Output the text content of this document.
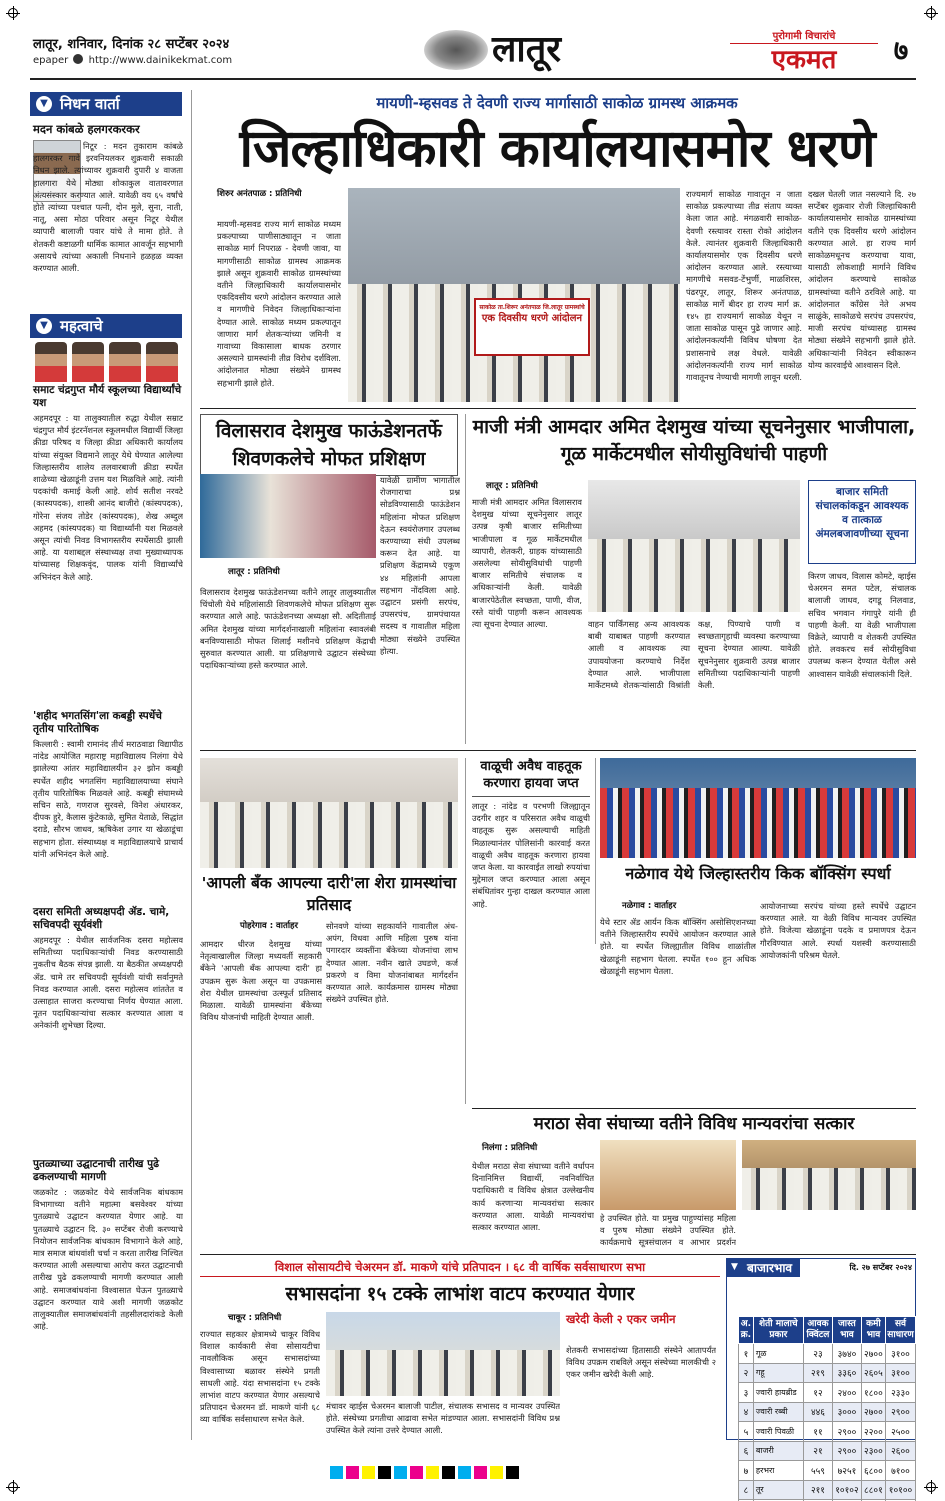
लातूर, शनिवार, दिनांक २८ सप्टेंबर २०२४
epaper http://www.dainikekmat.com	लातूर	पुरोगामी विचारांचे
एकमत	७
▼ निधन वार्ता
मदन कांबळे हलगरकरकर
निटूर : मदन तुकाराम कांबळे हालगरकर गावे इरवनियलकर शुक्रवारी सकाळी निधन झाले. त्यांच्यावर शुक्रवारी दुपारी ४ वाजता हालगारा येथे मोठ्या शोकाकुल वातावरणात अंत्यसंस्कार करण्यात आले. यावेळी वय ६५ वर्षांचे होते त्यांच्या पश्चात पत्नी, दोन मुले, सुना, नाती, नातू, असा मोठा परिवार असून निटूर येथील व्यापारी बालाजी पवार यांचे ते मामा होते. ते शेतकरी कष्टाळगी धार्मिक कामात आवर्जून सहभागी असायचे त्यांच्या अकाली निधनाने हळहळ व्यक्त करण्यात आली.
▼ महत्वाचे
समाट चंद्रगुप्त मौर्य स्कूलच्या विद्यार्थ्यांचे यश
अहमदपूर : या तालुक्यातील रुद्धा येथील सम्राट चंद्रगुप्त मौर्य इंटरनॅशनल स्कूलमधील विद्यार्थी जिल्हा क्रीडा परिषद व जिल्हा क्रीडा अधिकारी कार्यालय यांच्या संयुक्त विद्यमाने लातूर येथे घेण्यात आलेल्या जिल्हास्तरीय शालेय तलवारबाजी क्रीडा स्पर्धेत शाळेच्या खेळाडूंनी उत्तम यश मिळविले आहे. त्यांनी पदकांची कमाई केली आहे. शोर्य सतीश नरवटे (कास्यपदक), शास्त्री आनंद बाजीरो (कांस्यपदक), गोरेना संजय तोडेर (कांस्यपदक), शेख अब्दुल अहमद (कांस्यपदक) या विद्यार्थ्यांनी यश मिळवले असून त्यांची निवड विभागस्तरीय स्पर्धेसाठी झाली आहे. या यशाबद्दल संस्थाध्यक्ष तथा मुख्याध्यापक यांच्यासह शिक्षकवृंद, पालक यांनी विद्यार्थ्यांचे अभिनंदन केले आहे.
'शहीद भगतसिंग'ला कबड्डी स्पर्धेचे तृतीय पारितोषिक
किल्लारी : स्वामी रामानंद तीर्थ मराठवाडा विद्यापीठ नांदेड आयोजित महाराष्ट्र महाविद्यालय निलंगा येथे झालेल्या आंतर महाविद्यालयीन ३२ झोन कबड्डी स्पर्धेत शहीद भगतसिंग महाविद्यालयाच्या संघाने तृतीय पारितोषिक मिळवले आहे. कबड्डी संघामध्ये सचिन साठे, गणराज सुरवसे, विनेश अंधारकर, दीपक हुरे, कैलास कुंटेकाळे, सुमित येताळे, सिद्धांत दराडे, सौरभ जाधव, ऋषिकेश उगार या खेळाडूंचा सहभाग होता. संस्थाध्यक्ष व महाविद्यालयाचे प्राचार्य यांनी अभिनंदन केले आहे.
दसरा समिती अध्यक्षपदी ॲड. चामे, सचिवपदी सूर्यवंशी
अहमदपूर : येथील सार्वजनिक दसरा महोत्सव समितीच्या पदाधिकाऱ्यांची निवड करण्यासाठी नुकतीच बैठक संपन्न झाली. या बैठकीत अध्यक्षपदी ॲड. चामे तर सचिवपदी सूर्यवंशी यांची सर्वानुमते निवड करण्यात आली. दसरा महोत्सव शांततेत व उत्साहात साजरा करण्याचा निर्णय घेण्यात आला. नूतन पदाधिकाऱ्यांचा सत्कार करण्यात आला व अनेकांनी शुभेच्छा दिल्या.
पुतळ्याच्या उद्घाटनाची तारीख पुढे ढकलण्याची मागणी
जळकोट : जळकोट येथे सार्वजनिक बांधकाम विभागाच्या वतीने महात्मा बसवेश्वर यांच्या पुतळ्याचे उद्घाटन करण्यात येणार आहे. या पुतळ्याचे उद्घाटन दि. ३० सप्टेंबर रोजी करण्याचे नियोजन सार्वजनिक बांधकाम विभागाने केले आहे, मात्र समाज बांधवांशी चर्चा न करता तारीख निश्चित करण्यात आली असल्याचा आरोप करत उद्घाटनाची तारीख पुढे ढकलण्याची मागणी करण्यात आली आहे. समाजबांधवांना विश्वासात घेऊन पुतळ्याचे उद्घाटन करण्यात यावे अशी मागणी जळकोट तालुक्यातील समाजबांधवांनी तहसीलदारांकडे केली आहे.
मायणी-म्हसवड ते देवणी राज्य मार्गासाठी साकोळ ग्रामस्थ आक्रमक
जिल्हाधिकारी कार्यालयासमोर धरणे
शिरुर अनंतपाळ : प्रतिनिधी
मायणी-म्हसवड राज्य मार्ग साकोळ मध्यम प्रकल्पाच्या पाणीसाठ्यातून न जाता साकोळ मार्ग निपराळ - देवणी जावा, या मागणीसाठी साकोळ ग्रामस्थ आक्रमक झाले असून शुक्रवारी साकोळ ग्रामस्थांच्या वतीने जिल्हाधिकारी कार्यालयासमोर एकदिवसीय धरणे आंदोलन करण्यात आले व मागणीचे निवेदन जिल्हाधिकाऱ्यांना देण्यात आले. साकोळ मध्यम प्रकल्पातून जाणारा मार्ग शेतकऱ्यांच्या जमिनी व गावाच्या विकासाला बाधक ठरणार असल्याने ग्रामस्थांनी तीव्र विरोध दर्शविला. आंदोलनात मोठ्या संख्येने ग्रामस्थ सहभागी झाले होते.
साकोळ ता.शिरूर अनंतपाळ जि.लातूर ग्रामस्थांचे
एक दिवसीय धरणे आंदोलन
राज्यमार्ग साकोळ गावातून न जाता साकोळ प्रकल्पाच्या तीव्र संताप व्यक्त केला जात आहे. मंगळवारी साकोळ-देवणी रस्त्यावर रास्ता रोको आंदोलन केले. त्यानंतर शुक्रवारी जिल्हाधिकारी कार्यालयासमोर एक दिवसीय धरणे आंदोलन करण्यात आले. रस्त्याच्या मागणीचे मसवड-टेंभुर्णी, माळशिरस, पंढरपूर, लातूर, शिरूर अनंतपाळ, साकोळ मार्गे बीदर हा राज्य मार्ग क्र. १४५ हा राज्यमार्ग साकोळ येथून न जाता साकोळ पासून पुढे जाणार आहे. आंदोलनकर्त्यांनी विविध घोषणा देत प्रशासनाचे लक्ष वेधले. यावेळी आंदोलनकर्त्यांनी राज्य मार्ग साकोळ गावातूनच नेण्याची मागणी लावून धरली.
दखल घेतली जात नसल्याने दि. २७ सप्टेंबर शुक्रवार रोजी जिल्हाधिकारी कार्यालयासमोर साकोळ ग्रामस्थांच्या वतीने एक दिवसीय धरणे आंदोलन करण्यात आले. हा राज्य मार्ग साकोळमधूनच करण्याचा यावा, यासाठी लोकशाही मार्गाने विविध आंदोलन करण्याचे साकोळ ग्रामस्थांच्या वतीने ठरविले आहे. या आंदोलनात काँग्रेस नेते अभय साळुंके, साकोळचे सरपंच उपसरपंच, माजी सरपंच यांच्यासह ग्रामस्थ मोठ्या संख्येने सहभागी झाले होते. अधिकाऱ्यांनी निवेदन स्वीकारून योग्य कारवाईचे आश्वासन दिले.
विलासराव देशमुख फाऊंडेशनतर्फे शिवणकलेचे मोफत प्रशिक्षण
यावेळी ग्रामीण भागातील रोजगाराचा प्रश्न सोडविण्यासाठी फाऊंडेशन महिलांना मोफत प्रशिक्षण देऊन स्वयंरोजगार उपलब्ध करण्याच्या संधी उपलब्ध करून देत आहे. या प्रशिक्षण केंद्रामध्ये एकूण ४४ महिलांनी आपला सहभाग नोंदविला आहे. उद्घाटन प्रसंगी सरपंच, उपसरपंच, ग्रामपंचायत सदस्य व गावातील महिला मोठ्या संख्येने उपस्थित होत्या.
लातूर : प्रतिनिधी
विलासराव देशमुख फाऊंडेशनच्या वतीने लातूर तालुक्यातील चिंचोली येथे महिलांसाठी शिवणकलेचे मोफत प्रशिक्षण सुरू करण्यात आले आहे. फाऊंडेशनच्या अध्यक्षा सौ. अदितीताई अमित देशमुख यांच्या मार्गदर्शनाखाली महिलांना स्वावलंबी बनविण्यासाठी मोफत शिलाई मशीनचे प्रशिक्षण केंद्राची सुरुवात करण्यात आली. या प्रशिक्षणाचे उद्घाटन संस्थेच्या पदाधिकाऱ्यांच्या हस्ते करण्यात आले.
माजी मंत्री आमदार अमित देशमुख यांच्या सूचनेनुसार भाजीपाला, गूळ मार्केटमधील सोयीसुविधांची पाहणी
लातूर : प्रतिनिधी
माजी मंत्री आमदार अमित विलासराव देशमुख यांच्या सूचनेनुसार लातूर उत्पन्न कृषी बाजार समितीच्या भाजीपाला व गूळ मार्केटमधील व्यापारी, शेतकरी, ग्राहक यांच्यासाठी असलेल्या सोयीसुविधांची पाहणी बाजार समितीचे संचालक व अधिकाऱ्यांनी केली. यावेळी बाजारपेठेतील स्वच्छता, पाणी, वीज, रस्ते यांची पाहणी करून आवश्यक त्या सूचना देण्यात आल्या.
बाजार समिती संचालकांकडून आवश्यक व तात्काळ अंमलबजावणीच्या सूचना
किरण जाधव, विलास कोमटे, व्हाईस चेअरमन समत पटेल, संचालक बालाजी जाधव, दगडू निलवाड, सचिव भगवान गंगापुरे यांनी ही पाहणी केली. या वेळी भाजीपाला विक्रेते, व्यापारी व शेतकरी उपस्थित होते. लवकरच सर्व सोयीसुविधा उपलब्ध करून देण्यात येतील असे आश्वासन यावेळी संचालकांनी दिले.
वाहन पार्किंगसह अन्य आवश्यक बाबी याबाबत पाहणी करण्यात आली व आवश्यक त्या उपाययोजना करण्याचे निर्देश देण्यात आले. भाजीपाला मार्केटमध्ये शेतकऱ्यांसाठी विश्रांती कक्ष, पिण्याचे पाणी व स्वच्छतागृहाची व्यवस्था करण्याच्या सूचना देण्यात आल्या. यावेळी सूचनेनुसार शुक्रवारी उत्पन्न बाजार समितीच्या पदाधिकाऱ्यांनी पाहणी केली.
'आपली बँक आपल्या दारी'ला शेरा ग्रामस्थांचा प्रतिसाद
पोहरेगाव : वार्ताहर
आमदार धीरज देशमुख यांच्या नेतृत्वाखालील जिल्हा मध्यवर्ती सहकारी बँकेने 'आपली बँक आपल्या दारी' हा उपक्रम सुरू केला असून या उपक्रमास शेरा येथील ग्रामस्थांचा उत्स्फूर्त प्रतिसाद मिळाला. यावेळी ग्रामस्थांना बँकेच्या विविध योजनांची माहिती देण्यात आली.
सोनवणे यांच्या सहकार्याने गावातील अंध-अपंग, विधवा आणि महिला पुरुष यांना पगारदार व्यक्तींना बँकेच्या योजनांचा लाभ देण्यात आला. नवीन खाते उघडणे, कर्ज प्रकरणे व विमा योजनांबाबत मार्गदर्शन करण्यात आले. कार्यक्रमास ग्रामस्थ मोठ्या संख्येने उपस्थित होते.
वाळूची अवैध वाहतूक करणारा हायवा जप्त
लातूर : नांदेड व परभणी जिल्ह्यातून उदगीर शहर व परिसरात अवैध वाळूची वाहतूक सुरू असल्याची माहिती मिळाल्यानंतर पोलिसांनी कारवाई करत वाळूची अवैध वाहतूक करणारा हायवा जप्त केला. या कारवाईत लाखो रुपयांचा मुद्देमाल जप्त करण्यात आला असून संबंधितांवर गुन्हा दाखल करण्यात आला आहे.
नळेगाव येथे जिल्हास्तरीय किक बॉक्सिंग स्पर्धा
नळेगाव : वार्ताहर
येथे स्टार ॲड आर्यन किक बॉक्सिंग असोसिएशनच्या वतीने जिल्हास्तरीय स्पर्धेचे आयोजन करण्यात आले होते. या स्पर्धेत जिल्ह्यातील विविध शाळांतील खेळाडूंनी सहभाग घेतला. स्पर्धेत १०० हून अधिक खेळाडूंनी सहभाग घेतला.
आयोजनाच्या सरपंच यांच्या हस्ते स्पर्धेचे उद्घाटन करण्यात आले. या वेळी विविध मान्यवर उपस्थित होते. विजेत्या खेळाडूंना पदके व प्रमाणपत्र देऊन गौरविण्यात आले. स्पर्धा यशस्वी करण्यासाठी आयोजकांनी परिश्रम घेतले.
मराठा सेवा संघाच्या वतीने विविध मान्यवरांचा सत्कार
निलंगा : प्रतिनिधी
येथील मराठा सेवा संघाच्या वतीने वर्धापन दिनानिमित्त विद्यार्थी, नवनिर्वाचित पदाधिकारी व विविध क्षेत्रात उल्लेखनीय कार्य करणाऱ्या मान्यवरांचा सत्कार करण्यात आला. यावेळी मान्यवरांचा सत्कार करण्यात आला.
हे उपस्थित होते. या प्रमुख पाहुण्यांसह महिला व पुरुष मोठ्या संख्येने उपस्थित होते. कार्यक्रमाचे सूत्रसंचालन व आभार प्रदर्शन
विशाल सोसायटीचे चेअरमन डॉ. माकणे यांचे प्रतिपादन । ६८ वी वार्षिक सर्वसाधारण सभा
सभासदांना १५ टक्के लाभांश वाटप करण्यात येणार
चाकूर : प्रतिनिधी
राज्यात सहकार क्षेत्रामध्ये चाकूर विविध विशाल कार्यकारी सेवा सोसायटीचा नावलौकिक असून सभासदांच्या विश्वासाच्या बळावर संस्थेने प्रगती साधली आहे. यंदा सभासदांना १५ टक्के लाभांश वाटप करण्यात येणार असल्याचे प्रतिपादन चेअरमन डॉ. माकणे यांनी ६८ व्या वार्षिक सर्वसाधारण सभेत केले.
मंचावर व्हाईस चेअरमन बालाजी पाटील, संचालक सभासद व मान्यवर उपस्थित होते. संस्थेच्या प्रगतीचा आढावा सभेत मांडण्यात आला. सभासदांनी विविध प्रश्न उपस्थित केले त्यांना उत्तरे देण्यात आली.
खरेदी केली २ एकर जमीन
शेतकरी सभासदांच्या हितासाठी संस्थेने आतापर्यंत विविध उपक्रम राबविले असून संस्थेच्या मालकीची २ एकर जमीन खरेदी केली आहे.
बाजारभाव
▼	दि. २७ सप्टेंबर २०२४
अ. क्र.	शेती मालाचे प्रकार	आवक क्विंटल	जास्त भाव	कमी भाव	सर्व साधारण
१	गूळ	२३	३७४०	२७००	३१००
२	गहू	२१९	३३६०	२६०५	३१००
३	ज्वारी हायब्रीड	१२	२४००	१८००	२३३०
४	ज्वारी रब्बी	४४६	३०००	२७००	२९००
५	ज्वारी पिवळी	११	२९००	२२००	२५००
६	बाजरी	२१	२९००	२३००	२६००
७	हरभरा	५५९	७२५१	६८००	७१००
८	तूर	२११	१०१०२	८८०१	१०१००
